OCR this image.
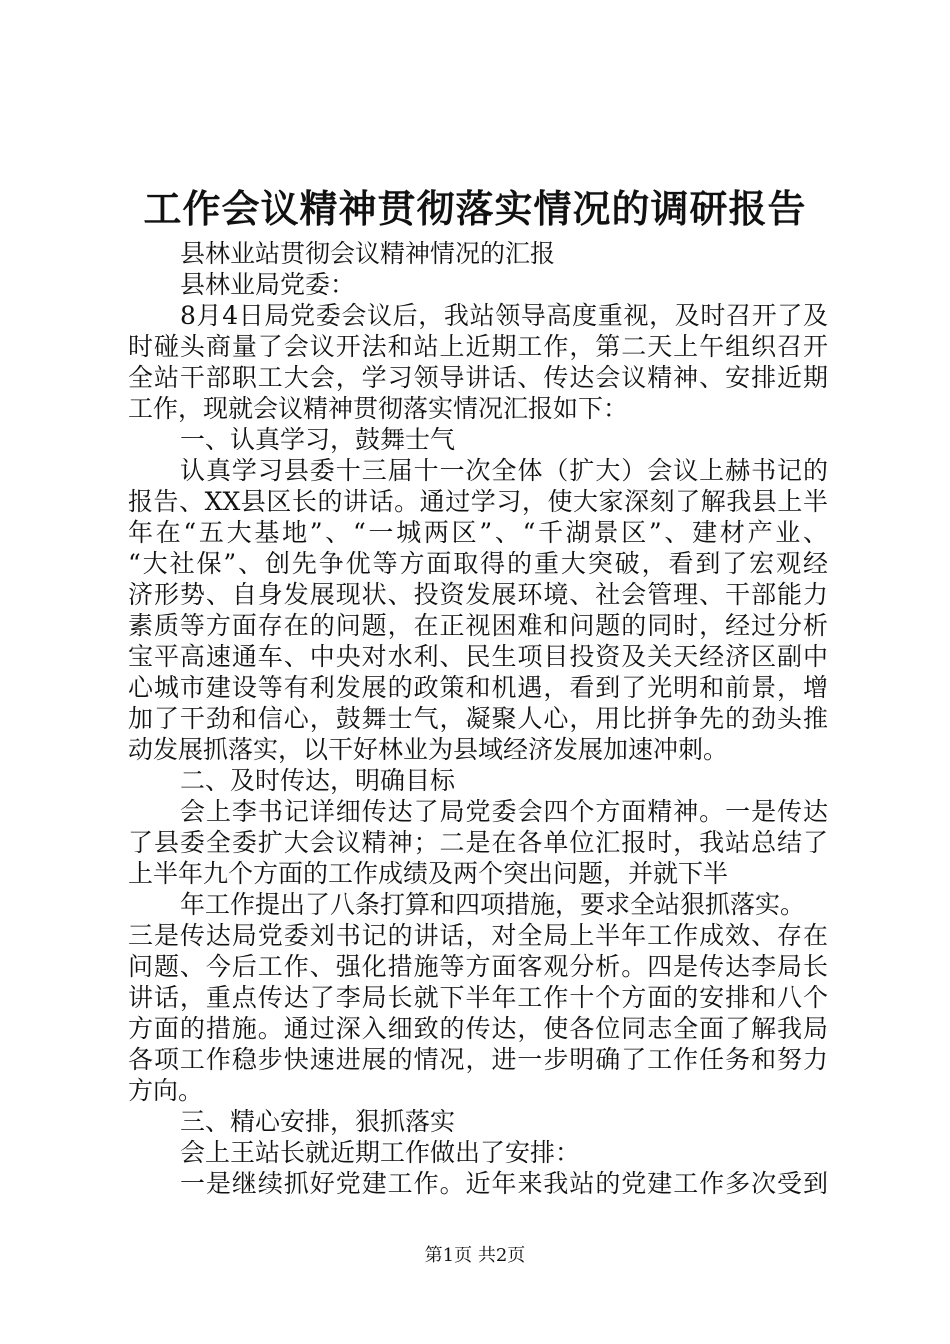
工作会议精神贯彻落实情况的调研报告

县林业站贯彻会议精神情况的汇报

县林业局党委：

8月4日局党委会议后，我站领导高度重视，及时召开了及

时碰头商量了会议开法和站上近期工作，第二天上午组织召开

全站干部职工大会，学习领导讲话、传达会议精神、安排近期

工作，现就会议精神贯彻落实情况汇报如下：

一、认真学习，鼓舞士气

认真学习县委十三届十一次全体（扩大）会议上赫书记的

报告、XX县区长的讲话。通过学习，使大家深刻了解我县上半

年在“五大基地”、“一城两区”、“千湖景区”、建材产业、

“大社保”、创先争优等方面取得的重大突破，看到了宏观经

济形势、自身发展现状、投资发展环境、社会管理、干部能力

素质等方面存在的问题，在正视困难和问题的同时，经过分析

宝平高速通车、中央对水利、民生项目投资及关天经济区副中

心城市建设等有利发展的政策和机遇，看到了光明和前景，增

加了干劲和信心，鼓舞士气，凝聚人心，用比拼争先的劲头推

动发展抓落实，以干好林业为县域经济发展加速冲刺。

二、及时传达，明确目标

会上李书记详细传达了局党委会四个方面精神。一是传达

了县委全委扩大会议精神；二是在各单位汇报时，我站总结了

上半年九个方面的工作成绩及两个突出问题，并就下半

年工作提出了八条打算和四项措施，要求全站狠抓落实。

三是传达局党委刘书记的讲话，对全局上半年工作成效、存在

问题、今后工作、强化措施等方面客观分析。四是传达李局长

讲话，重点传达了李局长就下半年工作十个方面的安排和八个

方面的措施。通过深入细致的传达，使各位同志全面了解我局

各项工作稳步快速进展的情况，进一步明确了工作任务和努力

方向。

三、精心安排，狠抓落实

会上王站长就近期工作做出了安排：

一是继续抓好党建工作。近年来我站的党建工作多次受到

第1页 共2页
